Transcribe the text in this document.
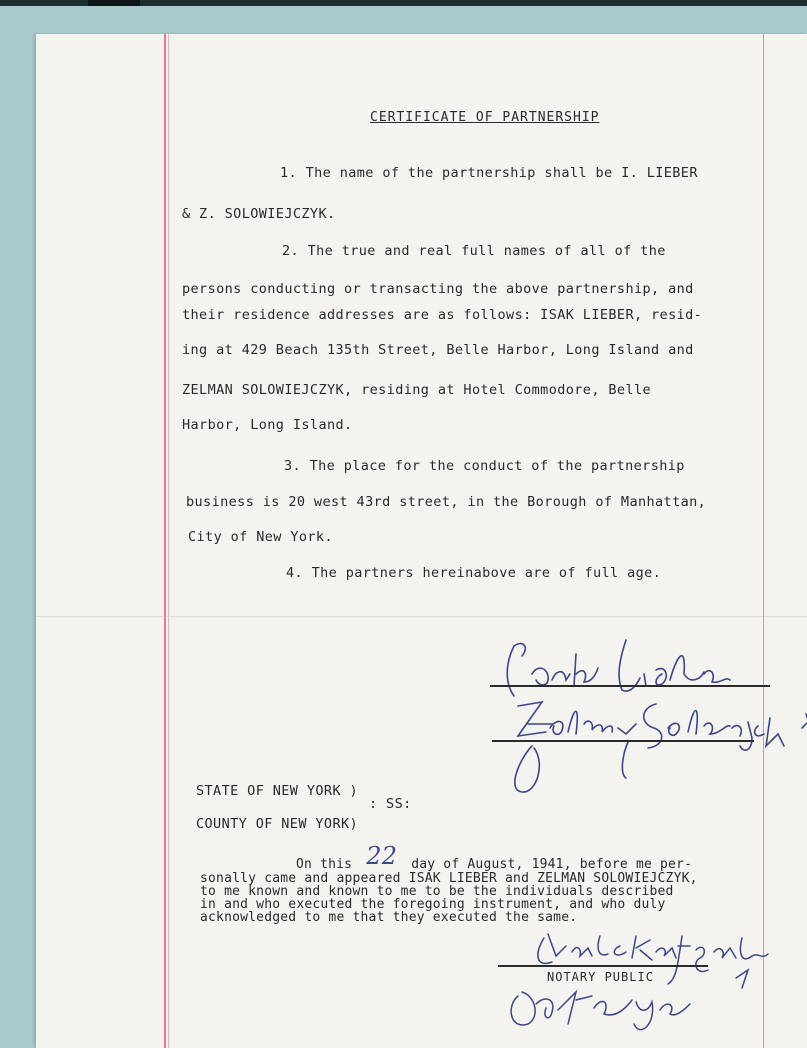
CERTIFICATE OF PARTNERSHIP
1. The name of the partnership shall be I. LIEBER
& Z. SOLOWIEJCZYK.
2. The true and real full names of all of the
persons conducting or transacting the above partnership, and
their residence addresses are as follows: ISAK LIEBER, resid-
ing at 429 Beach 135th Street, Belle Harbor, Long Island and
ZELMAN SOLOWIEJCZYK, residing at Hotel Commodore, Belle
Harbor, Long Island.
3. The place for the conduct of the partnership
business is 20 west 43rd street, in the Borough of Manhattan,
City of New York.
4. The partners hereinabove are of full age.
STATE OF NEW YORK )
: SS:
COUNTY OF NEW YORK)
On this 22 day of August, 1941, before me per-
sonally came and appeared ISAK LIEBER and ZELMAN SOLOWIEJCZYK,
to me known and known to me to be the individuals described
in and who executed the foregoing instrument, and who duly
acknowledged to me that they executed the same.
NOTARY PUBLIC
